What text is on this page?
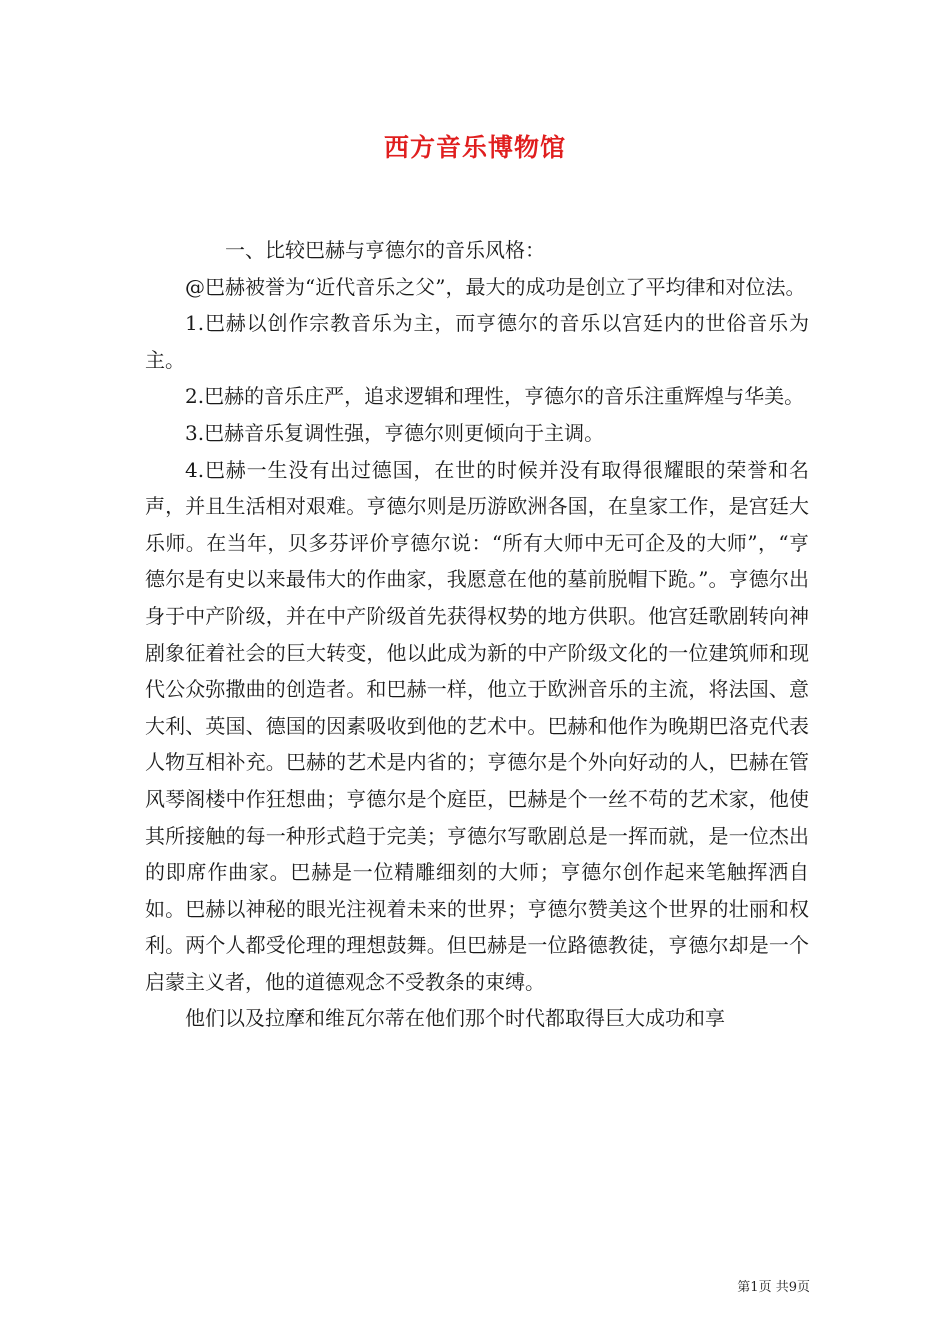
西方音乐博物馆

一、比较巴赫与亨德尔的音乐风格：

@巴赫被誉为“近代音乐之父”，最大的成功是创立了平均律和对位法。

1.巴赫以创作宗教音乐为主，而亨德尔的音乐以宫廷内的世俗音乐为主。

2.巴赫的音乐庄严，追求逻辑和理性，亨德尔的音乐注重辉煌与华美。

3.巴赫音乐复调性强，亨德尔则更倾向于主调。

4.巴赫一生没有出过德国，在世的时候并没有取得很耀眼的荣誉和名声，并且生活相对艰难。亨德尔则是历游欧洲各国，在皇家工作，是宫廷大乐师。在当年，贝多芬评价亨德尔说：“所有大师中无可企及的大师”，“亨德尔是有史以来最伟大的作曲家，我愿意在他的墓前脱帽下跪。”。亨德尔出身于中产阶级，并在中产阶级首先获得权势的地方供职。他宫廷歌剧转向神剧象征着社会的巨大转变，他以此成为新的中产阶级文化的一位建筑师和现代公众弥撒曲的创造者。和巴赫一样，他立于欧洲音乐的主流，将法国、意大利、英国、德国的因素吸收到他的艺术中。巴赫和他作为晚期巴洛克代表人物互相补充。巴赫的艺术是内省的；亨德尔是个外向好动的人，巴赫在管风琴阁楼中作狂想曲；亨德尔是个庭臣，巴赫是个一丝不苟的艺术家，他使其所接触的每一种形式趋于完美；亨德尔写歌剧总是一挥而就，是一位杰出的即席作曲家。巴赫是一位精雕细刻的大师；亨德尔创作起来笔触挥洒自如。巴赫以神秘的眼光注视着未来的世界；亨德尔赞美这个世界的壮丽和权利。两个人都受伦理的理想鼓舞。但巴赫是一位路德教徒，亨德尔却是一个启蒙主义者，他的道德观念不受教条的束缚。

他们以及拉摩和维瓦尔蒂在他们那个时代都取得巨大成功和享

第1页 共9页
